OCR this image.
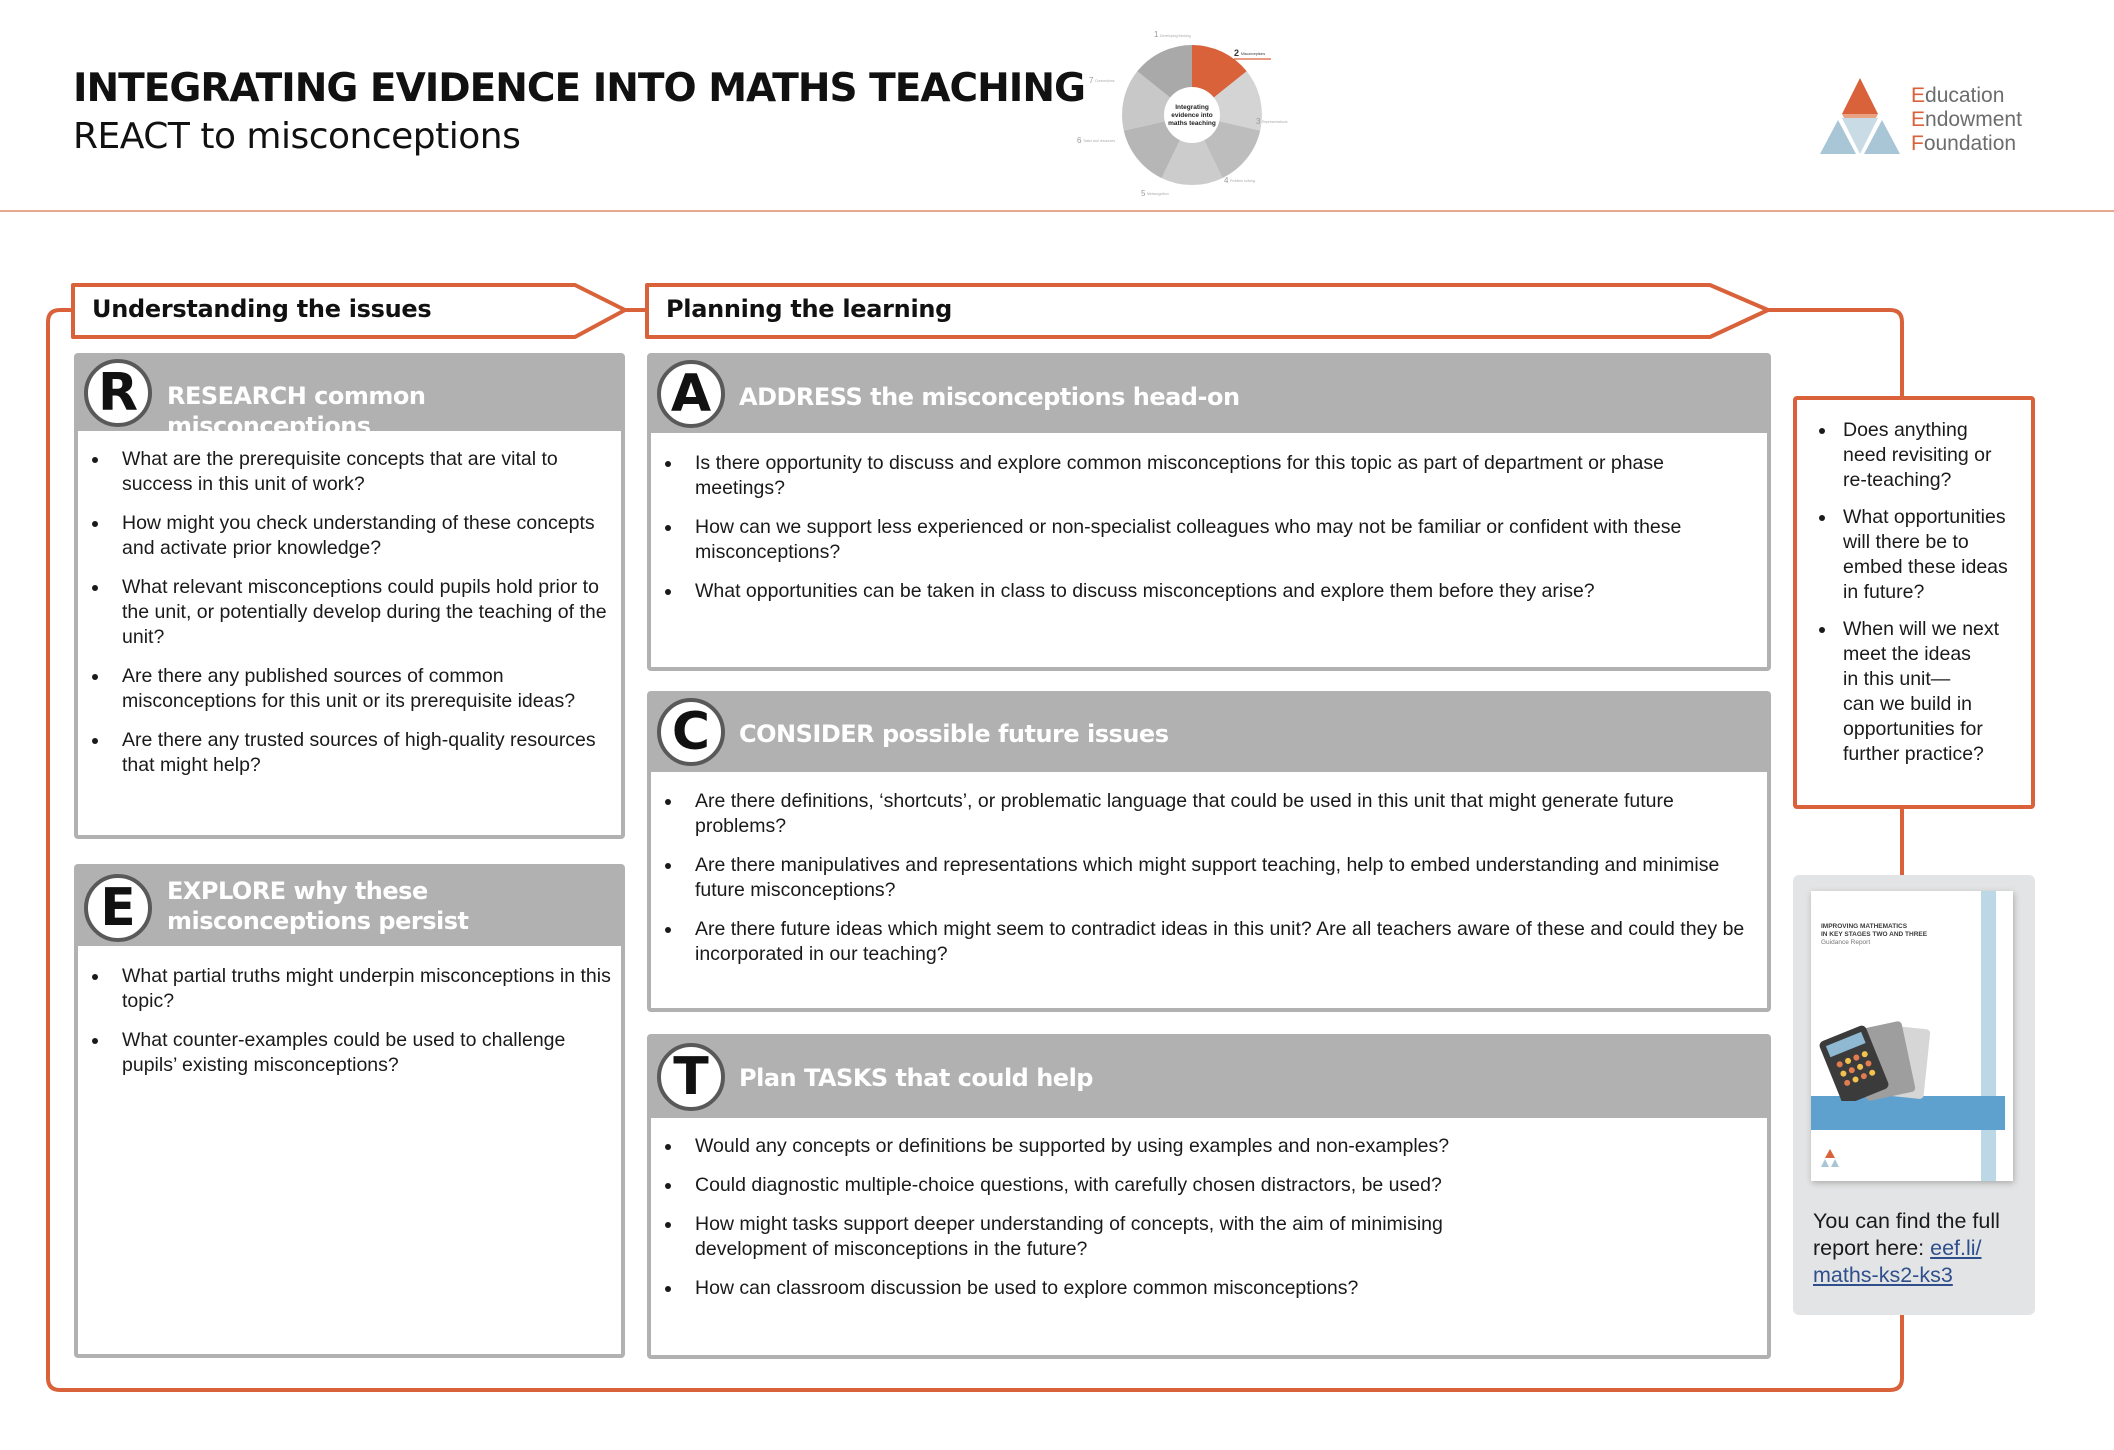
INTEGRATING EVIDENCE INTO MATHS TEACHING
REACT to misconceptions
Integrating
evidence into
maths teaching
1 Developing thinking
2 Misconceptions
3 Representations
4 Problem solving
5 Metacognition
6 Tasks and resources
7 Connections
Education
Endowment
Foundation
Understanding the issues	Planning the learning
R	RESEARCH common misconceptions
What are the prerequisite concepts that are vital to success in this unit of work?
How might you check understanding of these concepts and activate prior knowledge?
What relevant misconceptions could pupils hold prior to the unit, or potentially develop during the teaching of the unit?
Are there any published sources of common misconceptions for this unit or its prerequisite ideas?
Are there any trusted sources of high-quality resources that might help?
E	EXPLORE why these
misconceptions persist
What partial truths might underpin misconceptions in this topic?
What counter-examples could be used to challenge pupils’ existing misconceptions?
A	ADDRESS the misconceptions head-on
Is there opportunity to discuss and explore common misconceptions for this topic as part of department or phase meetings?
How can we support less experienced or non-specialist colleagues who may not be familiar or confident with these misconceptions?
What opportunities can be taken in class to discuss misconceptions and explore them before they arise?
C	CONSIDER possible future issues
Are there definitions, ‘shortcuts’, or problematic language that could be used in this unit that might generate future problems?
Are there manipulatives and representations which might support teaching, help to embed understanding and minimise future misconceptions?
Are there future ideas which might seem to contradict ideas in this unit? Are all teachers aware of these and could they be incorporated in our teaching?
T	Plan TASKS that could help
Would any concepts or definitions be supported by using examples and non-examples?
Could diagnostic multiple-choice questions, with carefully chosen distractors, be used?
How might tasks support deeper understanding of concepts, with the aim of minimising
development of misconceptions in the future?
How can classroom discussion be used to explore common misconceptions?
Does anything
need revisiting or
re-teaching?
What opportunities
will there be to
embed these ideas
in future?
When will we next
meet the ideas
in this unit—
can we build in
opportunities for
further practice?
IMPROVING MATHEMATICS
IN KEY STAGES TWO AND THREE
Guidance Report
You can find the full report here: eef.li/
maths-ks2-ks3
